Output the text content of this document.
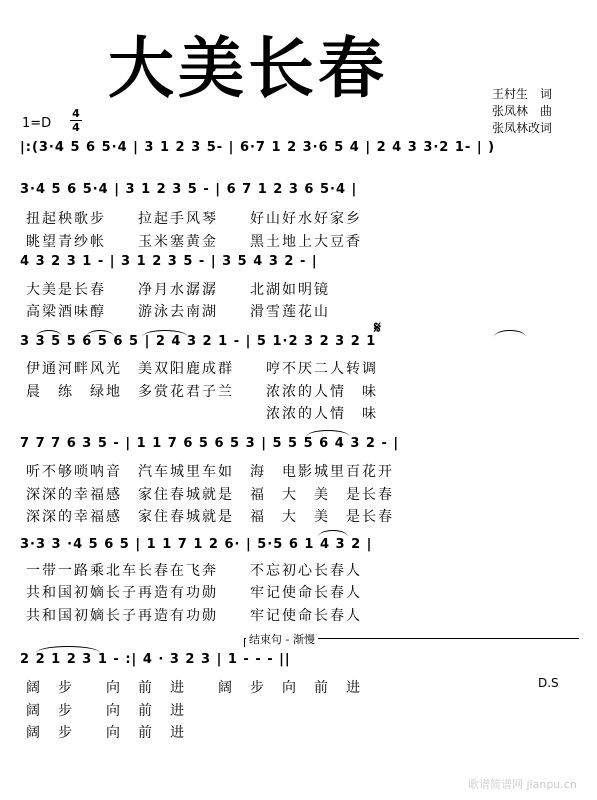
大美长春	王村生　词
张凤林　曲
张凤林改词
1=D
4
4
|:(3·4 5 6 5·4 | 3 1 2 3 5- | 6·7 1 2 3·6 5 4 | 2 4 3 3·2 1- | )
3·4 5 6 5·4 | 3 1 2 3 5 - | 6 7 1 2 3 6 5·4 |
扭起秧歌步　　拉起手风琴　　好山好水好家乡
眺望青纱帐　　玉米塞黄金　　黑土地上大豆香
4 3 2 3 1 - | 3 1 2 3 5 - | 3 5 4 3 2 - |
大美是长春　　净月水潺潺　　北湖如明镜
高梁酒味醇　　游泳去南湖　　滑雪莲花山
𝄋
3 3 5 5 6 5 6 5 | 2 4 3 2 1 - | 5 1·2 3 2 3 2 1
伊通河畔风光　美双阳鹿成群　　哼不厌二人转调
晨　练　绿地　多赏花君子兰　　浓浓的人情　味
　　　　　　　　　　　　　　　浓浓的人情　味
7 7 7 6 3 5 - | 1 1 7 6 5 6 5 3 | 5 5 5 6 4 3 2 - |
听不够唢呐音　汽车城里车如　海　电影城里百花开
深深的幸福感　家住春城就是　福　大　美　是长春
深深的幸福感　家住春城就是　福　大　美　是长春
3·3 3 ·4 5 6 5 | 1 1 7 1 2 6· | 5·5 6 1 4 3 2 |
一带一路乘北车长春在飞奔　　不忘初心长春人
共和国初嫡长子再造有功勋　　牢记使命长春人
共和国初嫡长子再造有功勋　　牢记使命长春人
结束句 - 渐慢
2 2 1 2 3 1 - :| 4 · 3 2 3 | 1 - - - ||
D.S
阔　步　　向　前　进　　阔　步　向　前　进
阔　步　　向　前　进
阔　步　　向　前　进
歌谱简谱网 jianpu.cn
